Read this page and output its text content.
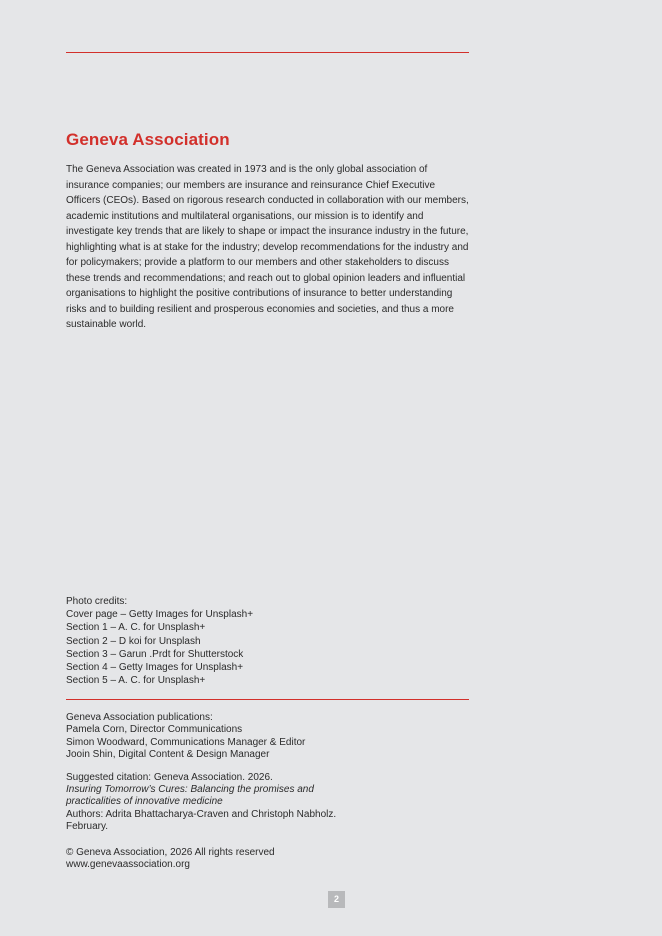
Geneva Association

The Geneva Association was created in 1973 and is the only global association of insurance companies; our members are insurance and reinsurance Chief Executive Officers (CEOs). Based on rigorous research conducted in collaboration with our members, academic institutions and multilateral organisations, our mission is to identify and investigate key trends that are likely to shape or impact the insurance industry in the future, highlighting what is at stake for the industry; develop recommendations for the industry and for policymakers; provide a platform to our members and other stakeholders to discuss these trends and recommendations; and reach out to global opinion leaders and influential organisations to highlight the positive contributions of insurance to better understanding risks and to building resilient and prosperous economies and societies, and thus a more sustainable world.

Photo credits:
Cover page – Getty Images for Unsplash+
Section 1 – A. C. for Unsplash+
Section 2 – D koi for Unsplash
Section 3 – Garun .Prdt for Shutterstock
Section 4 – Getty Images for Unsplash+
Section 5 – A. C. for Unsplash+
Geneva Association publications:
Pamela Corn, Director Communications
Simon Woodward, Communications Manager & Editor
Jooin Shin, Digital Content & Design Manager
Suggested citation: Geneva Association. 2026.
Insuring Tomorrow’s Cures: Balancing the promises and
practicalities of innovative medicine
Authors: Adrita Bhattacharya-Craven and Christoph Nabholz.
February.
© Geneva Association, 2026 All rights reserved
www.genevaassociation.org
2
